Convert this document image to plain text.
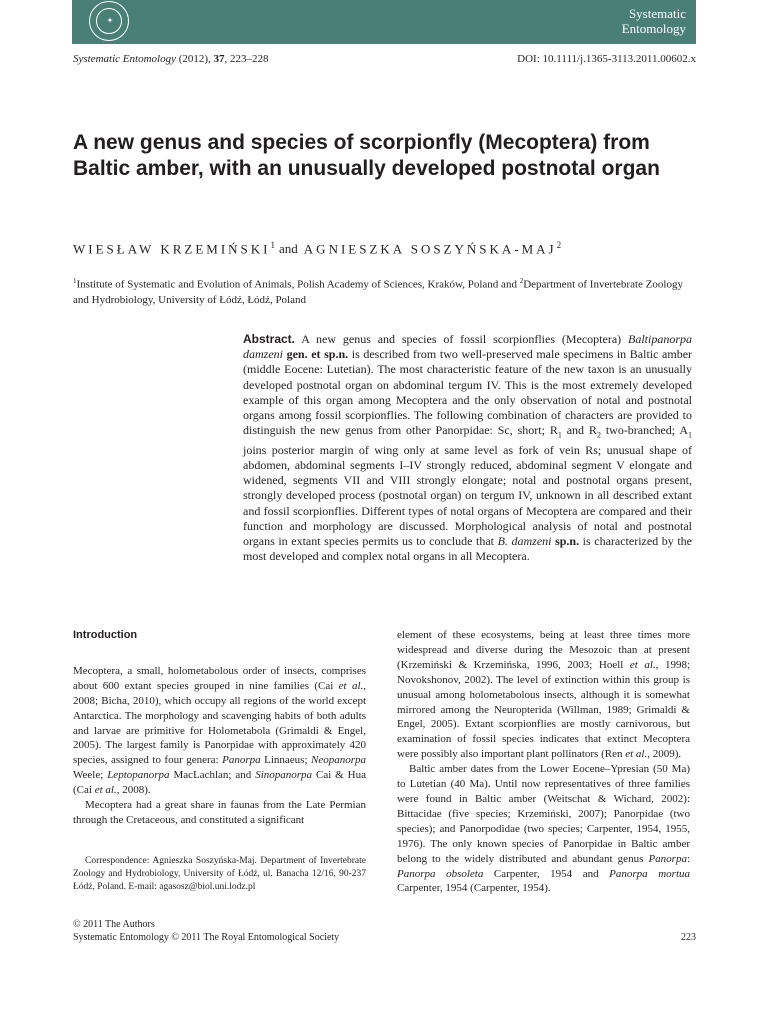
✦	Systematic
Entomology
Systematic Entomology (2012), 37, 223–228	DOI: 10.1111/j.1365-3113.2011.00602.x
A new genus and species of scorpionfly (Mecoptera) from Baltic amber, with an unusually developed postnotal organ
WIESŁAW KRZEMIŃSKI$^1$ and AGNIESZKA SOSZYŃSKA-MAJ$^2$

$^1$Institute of Systematic and Evolution of Animals, Polish Academy of Sciences, Kraków, Poland and $^2$Department of Invertebrate Zoology and Hydrobiology, University of Łódź, Łódź, Poland

Abstract. A new genus and species of fossil scorpionflies (Mecoptera) Baltipanorpa damzeni gen. et sp.n. is described from two well-preserved male specimens in Baltic amber (middle Eocene: Lutetian). The most characteristic feature of the new taxon is an unusually developed postnotal organ on abdominal tergum IV. This is the most extremely developed example of this organ among Mecoptera and the only observation of notal and postnotal organs among fossil scorpionflies. The following combination of characters are provided to distinguish the new genus from other Panorpidae: Sc, short; $R_1$ and $R_2$ two-branched; $A_1$ joins posterior margin of wing only at same level as fork of vein Rs; unusual shape of abdomen, abdominal segments I–IV strongly reduced, abdominal segment V elongate and widened, segments VII and VIII strongly elongate; notal and postnotal organs present, strongly developed process (postnotal organ) on tergum IV, unknown in all described extant and fossil scorpionflies. Different types of notal organs of Mecoptera are compared and their function and morphology are discussed. Morphological analysis of notal and postnotal organs in extant species permits us to conclude that B. damzeni sp.n. is characterized by the most developed and complex notal organs in all Mecoptera.

Introduction

Mecoptera, a small, holometabolous order of insects, comprises about 600 extant species grouped in nine families (Cai et al., 2008; Bicha, 2010), which occupy all regions of the world except Antarctica. The morphology and scavenging habits of both adults and larvae are primitive for Holometabola (Grimaldi & Engel, 2005). The largest family is Panorpidae with approximately 420 species, assigned to four genera: Panorpa Linnaeus; Neopanorpa Weele; Leptopanorpa MacLachlan; and Sinopanorpa Cai & Hua (Cai et al., 2008).

Mecoptera had a great share in faunas from the Late Permian through the Cretaceous, and constituted a significant

Correspondence: Agnieszka Soszyńska-Maj. Department of Invertebrate Zoology and Hydrobiology, University of Łódź, ul. Banacha 12/16, 90-237 Łódź, Poland. E-mail: agasosz@biol.uni.lodz.pl

element of these ecosystems, being at least three times more widespread and diverse during the Mesozoic than at present (Krzemiński & Krzemińska, 1996, 2003; Hoell et al., 1998; Novokshonov, 2002). The level of extinction within this group is unusual among holometabolous insects, although it is somewhat mirrored among the Neuropterida (Willman, 1989; Grimaldi & Engel, 2005). Extant scorpionflies are mostly carnivorous, but examination of fossil species indicates that extinct Mecoptera were possibly also important plant pollinators (Ren et al., 2009).

Baltic amber dates from the Lower Eocene–Ypresian (50 Ma) to Lutetian (40 Ma). Until now representatives of three families were found in Baltic amber (Weitschat & Wichard, 2002): Bittacidae (five species; Krzemiński, 2007); Panorpidae (two species); and Panorpodidae (two species; Carpenter, 1954, 1955, 1976). The only known species of Panorpidae in Baltic amber belong to the widely distributed and abundant genus Panorpa: Panorpa obsoleta Carpenter, 1954 and Panorpa mortua Carpenter, 1954 (Carpenter, 1954).

© 2011 The Authors
Systematic Entomology © 2011 The Royal Entomological Society	223
